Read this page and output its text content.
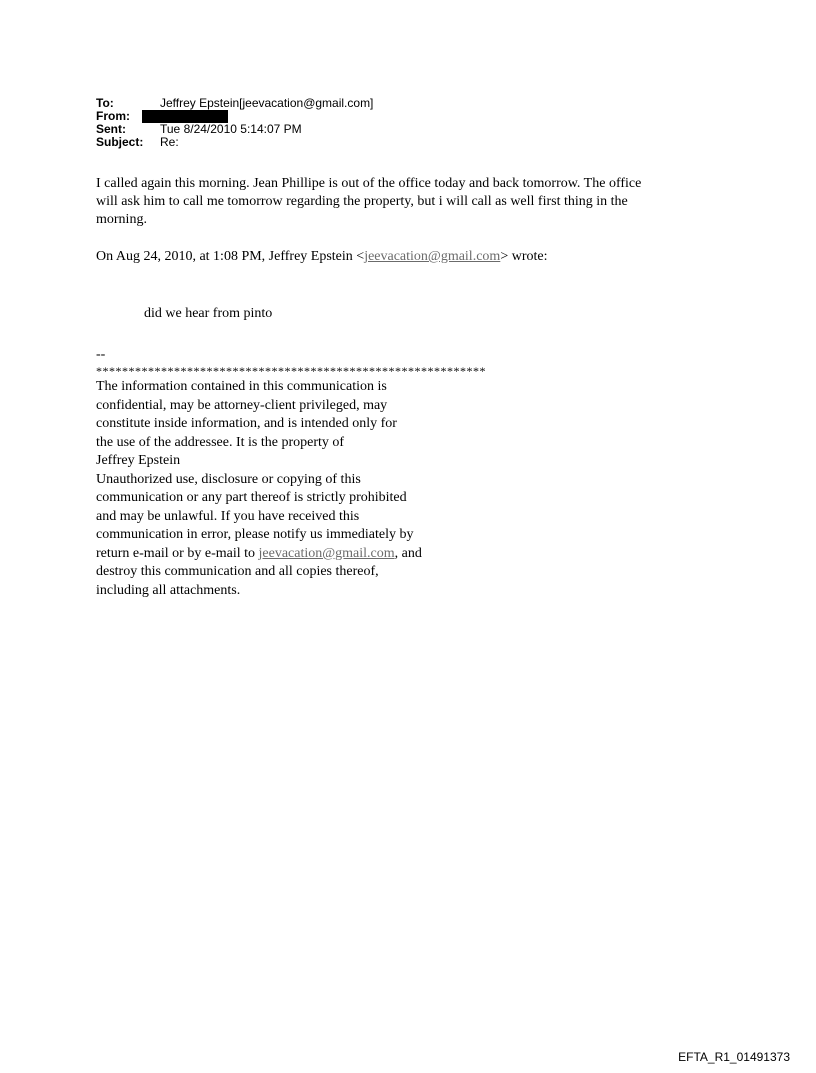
To:	Jeffrey Epstein[jeevacation@gmail.com]
From:
Sent:	Tue 8/24/2010 5:14:07 PM
Subject:	Re:
I called again this morning. Jean Phillipe is out of the office today and back tomorrow. The office
will ask him to call me tomorrow regarding the property, but i will call as well first thing in the
morning.
On Aug 24, 2010, at 1:08 PM, Jeffrey Epstein <jeevacation@gmail.com> wrote:
did we hear from pinto
--
************************************************************
The information contained in this communication is
confidential, may be attorney-client privileged, may
constitute inside information, and is intended only for
the use of the addressee. It is the property of
Jeffrey Epstein
Unauthorized use, disclosure or copying of this
communication or any part thereof is strictly prohibited
and may be unlawful. If you have received this
communication in error, please notify us immediately by
return e-mail or by e-mail to jeevacation@gmail.com, and
destroy this communication and all copies thereof,
including all attachments.
EFTA_R1_01491373
